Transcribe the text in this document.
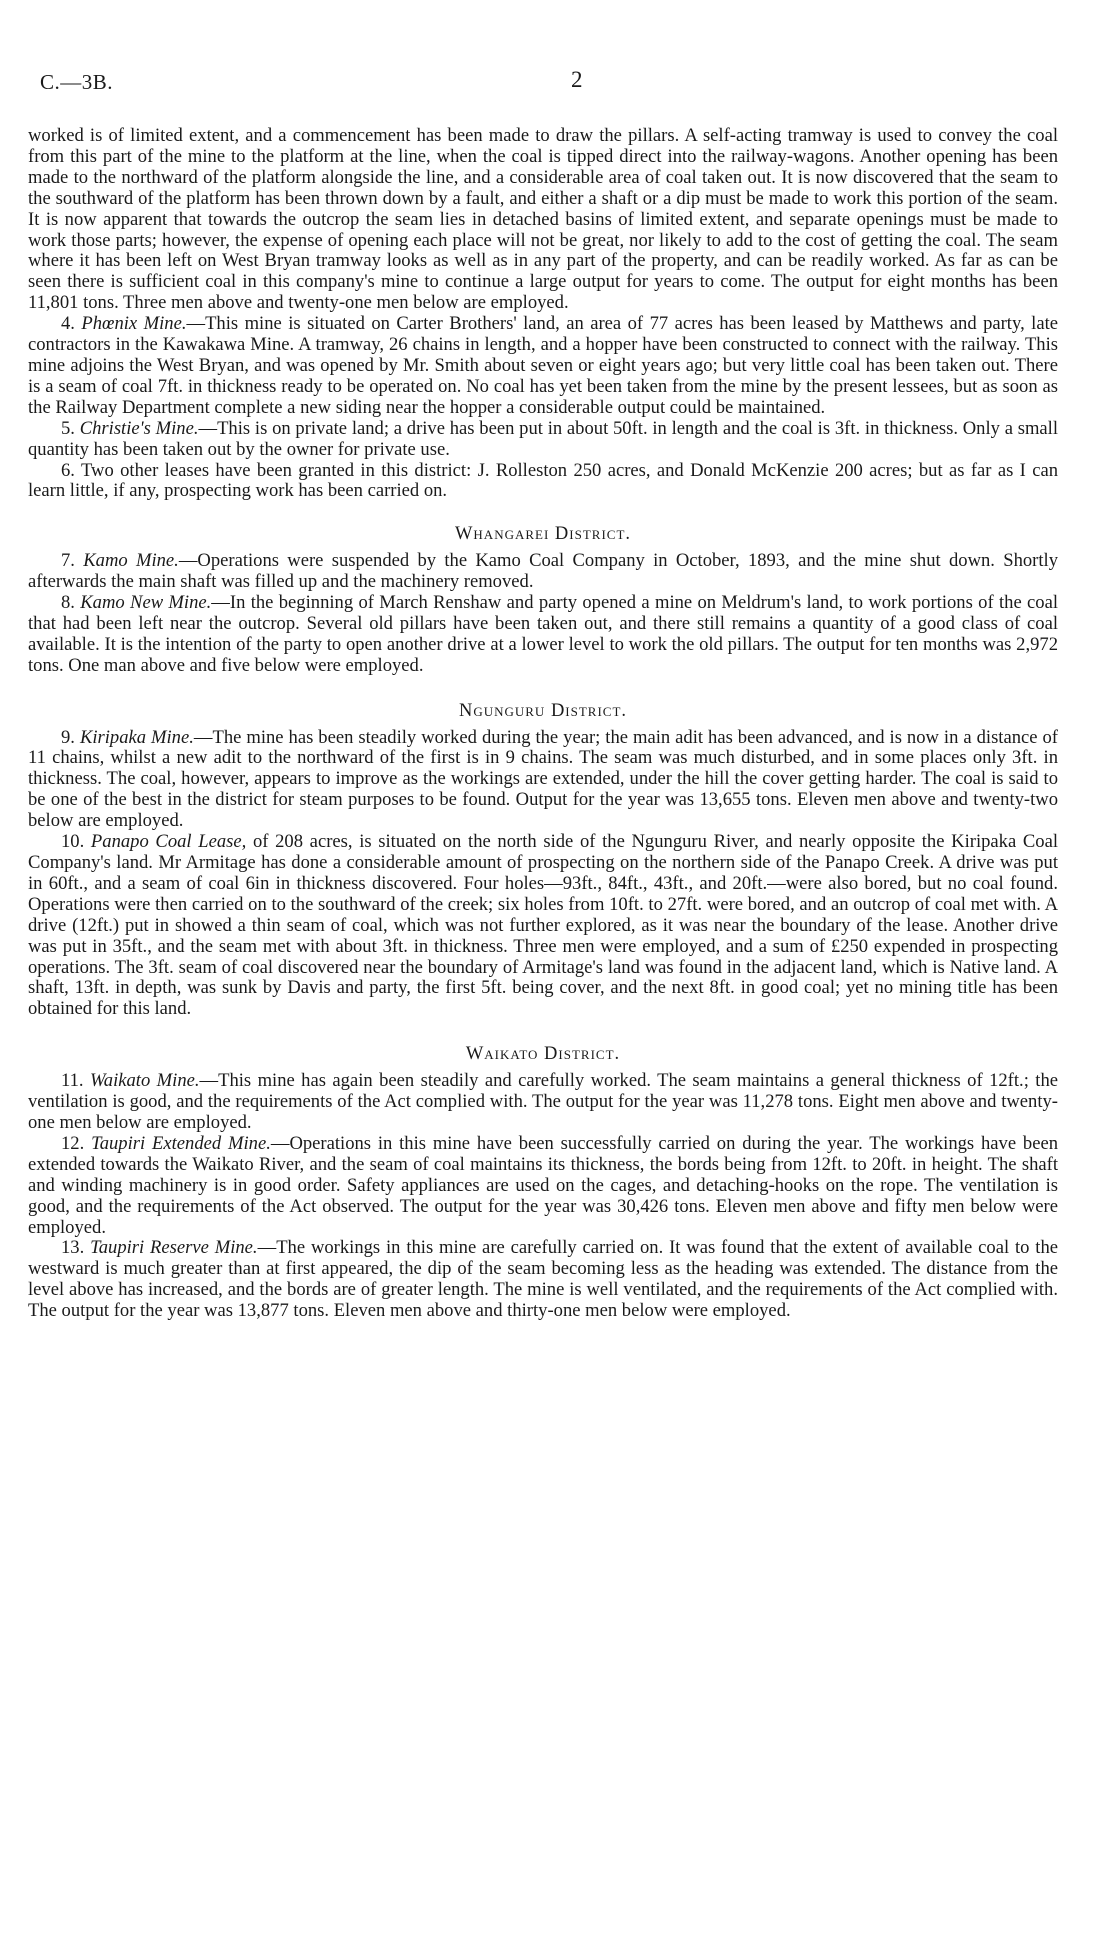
C.—3B.	2

worked is of limited extent, and a commencement has been made to draw the pillars. A self-acting tramway is used to convey the coal from this part of the mine to the platform at the line, when the coal is tipped direct into the railway-wagons. Another opening has been made to the northward of the platform alongside the line, and a considerable area of coal taken out. It is now discovered that the seam to the southward of the platform has been thrown down by a fault, and either a shaft or a dip must be made to work this portion of the seam. It is now apparent that towards the outcrop the seam lies in detached basins of limited extent, and separate openings must be made to work those parts; however, the expense of opening each place will not be great, nor likely to add to the cost of getting the coal. The seam where it has been left on West Bryan tramway looks as well as in any part of the property, and can be readily worked. As far as can be seen there is sufficient coal in this company's mine to continue a large output for years to come. The output for eight months has been 11,801 tons. Three men above and twenty-one men below are employed.

4. Phœnix Mine.—This mine is situated on Carter Brothers' land, an area of 77 acres has been leased by Matthews and party, late contractors in the Kawakawa Mine. A tramway, 26 chains in length, and a hopper have been constructed to connect with the railway. This mine adjoins the West Bryan, and was opened by Mr. Smith about seven or eight years ago; but very little coal has been taken out. There is a seam of coal 7ft. in thickness ready to be operated on. No coal has yet been taken from the mine by the present lessees, but as soon as the Railway Department complete a new siding near the hopper a considerable output could be maintained.

5. Christie's Mine.—This is on private land; a drive has been put in about 50ft. in length and the coal is 3ft. in thickness. Only a small quantity has been taken out by the owner for private use.

6. Two other leases have been granted in this district: J. Rolleston 250 acres, and Donald McKenzie 200 acres; but as far as I can learn little, if any, prospecting work has been carried on.

Whangarei District.

7. Kamo Mine.—Operations were suspended by the Kamo Coal Company in October, 1893, and the mine shut down. Shortly afterwards the main shaft was filled up and the machinery removed.

8. Kamo New Mine.—In the beginning of March Renshaw and party opened a mine on Meldrum's land, to work portions of the coal that had been left near the outcrop. Several old pillars have been taken out, and there still remains a quantity of a good class of coal available. It is the intention of the party to open another drive at a lower level to work the old pillars. The output for ten months was 2,972 tons. One man above and five below were employed.

Ngunguru District.

9. Kiripaka Mine.—The mine has been steadily worked during the year; the main adit has been advanced, and is now in a distance of 11 chains, whilst a new adit to the northward of the first is in 9 chains. The seam was much disturbed, and in some places only 3ft. in thickness. The coal, however, appears to improve as the workings are extended, under the hill the cover getting harder. The coal is said to be one of the best in the district for steam purposes to be found. Output for the year was 13,655 tons. Eleven men above and twenty-two below are employed.

10. Panapo Coal Lease, of 208 acres, is situated on the north side of the Ngunguru River, and nearly opposite the Kiripaka Coal Company's land. Mr Armitage has done a considerable amount of prospecting on the northern side of the Panapo Creek. A drive was put in 60ft., and a seam of coal 6in in thickness discovered. Four holes—93ft., 84ft., 43ft., and 20ft.—were also bored, but no coal found. Operations were then carried on to the southward of the creek; six holes from 10ft. to 27ft. were bored, and an outcrop of coal met with. A drive (12ft.) put in showed a thin seam of coal, which was not further explored, as it was near the boundary of the lease. Another drive was put in 35ft., and the seam met with about 3ft. in thickness. Three men were employed, and a sum of £250 expended in prospecting operations. The 3ft. seam of coal discovered near the boundary of Armitage's land was found in the adjacent land, which is Native land. A shaft, 13ft. in depth, was sunk by Davis and party, the first 5ft. being cover, and the next 8ft. in good coal; yet no mining title has been obtained for this land.

Waikato District.

11. Waikato Mine.—This mine has again been steadily and carefully worked. The seam maintains a general thickness of 12ft.; the ventilation is good, and the requirements of the Act complied with. The output for the year was 11,278 tons. Eight men above and twenty-one men below are employed.

12. Taupiri Extended Mine.—Operations in this mine have been successfully carried on during the year. The workings have been extended towards the Waikato River, and the seam of coal maintains its thickness, the bords being from 12ft. to 20ft. in height. The shaft and winding machinery is in good order. Safety appliances are used on the cages, and detaching-hooks on the rope. The ventilation is good, and the requirements of the Act observed. The output for the year was 30,426 tons. Eleven men above and fifty men below were employed.

13. Taupiri Reserve Mine.—The workings in this mine are carefully carried on. It was found that the extent of available coal to the westward is much greater than at first appeared, the dip of the seam becoming less as the heading was extended. The distance from the level above has increased, and the bords are of greater length. The mine is well ventilated, and the requirements of the Act complied with. The output for the year was 13,877 tons. Eleven men above and thirty-one men below were employed.
